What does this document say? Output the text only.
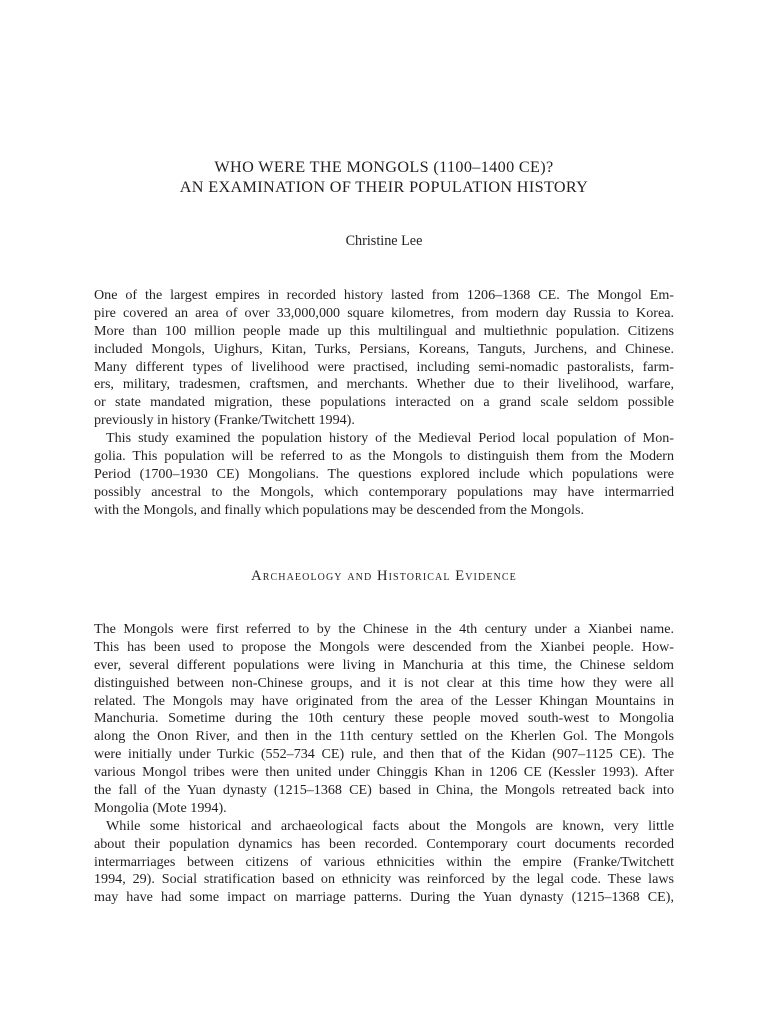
WHO WERE THE MONGOLS (1100–1400 CE)?
AN EXAMINATION OF THEIR POPULATION HISTORY
Christine Lee
One of the largest empires in recorded history lasted from 1206–1368 CE. The Mongol Em-
pire covered an area of over 33,000,000 square kilometres, from modern day Russia to Korea.
More than 100 million people made up this multilingual and multiethnic population. Citizens
included Mongols, Uighurs, Kitan, Turks, Persians, Koreans, Tanguts, Jurchens, and Chinese.
Many different types of livelihood were practised, including semi-nomadic pastoralists, farm-
ers, military, tradesmen, craftsmen, and merchants. Whether due to their livelihood, warfare,
or state mandated migration, these populations interacted on a grand scale seldom possible
previously in history (Franke/Twitchett 1994).
This study examined the population history of the Medieval Period local population of Mon-
golia. This population will be referred to as the Mongols to distinguish them from the Modern
Period (1700–1930 CE) Mongolians. The questions explored include which populations were
possibly ancestral to the Mongols, which contemporary populations may have intermarried
with the Mongols, and finally which populations may be descended from the Mongols.
Archaeology and Historical Evidence
The Mongols were first referred to by the Chinese in the 4th century under a Xianbei name.
This has been used to propose the Mongols were descended from the Xianbei people. How-
ever, several different populations were living in Manchuria at this time, the Chinese seldom
distinguished between non-Chinese groups, and it is not clear at this time how they were all
related. The Mongols may have originated from the area of the Lesser Khingan Mountains in
Manchuria. Sometime during the 10th century these people moved south-west to Mongolia
along the Onon River, and then in the 11th century settled on the Kherlen Gol. The Mongols
were initially under Turkic (552–734 CE) rule, and then that of the Kidan (907–1125 CE). The
various Mongol tribes were then united under Chinggis Khan in 1206 CE (Kessler 1993). After
the fall of the Yuan dynasty (1215–1368 CE) based in China, the Mongols retreated back into
Mongolia (Mote 1994).
While some historical and archaeological facts about the Mongols are known, very little
about their population dynamics has been recorded. Contemporary court documents recorded
intermarriages between citizens of various ethnicities within the empire (Franke/Twitchett
1994, 29). Social stratification based on ethnicity was reinforced by the legal code. These laws
may have had some impact on marriage patterns. During the Yuan dynasty (1215–1368 CE),
